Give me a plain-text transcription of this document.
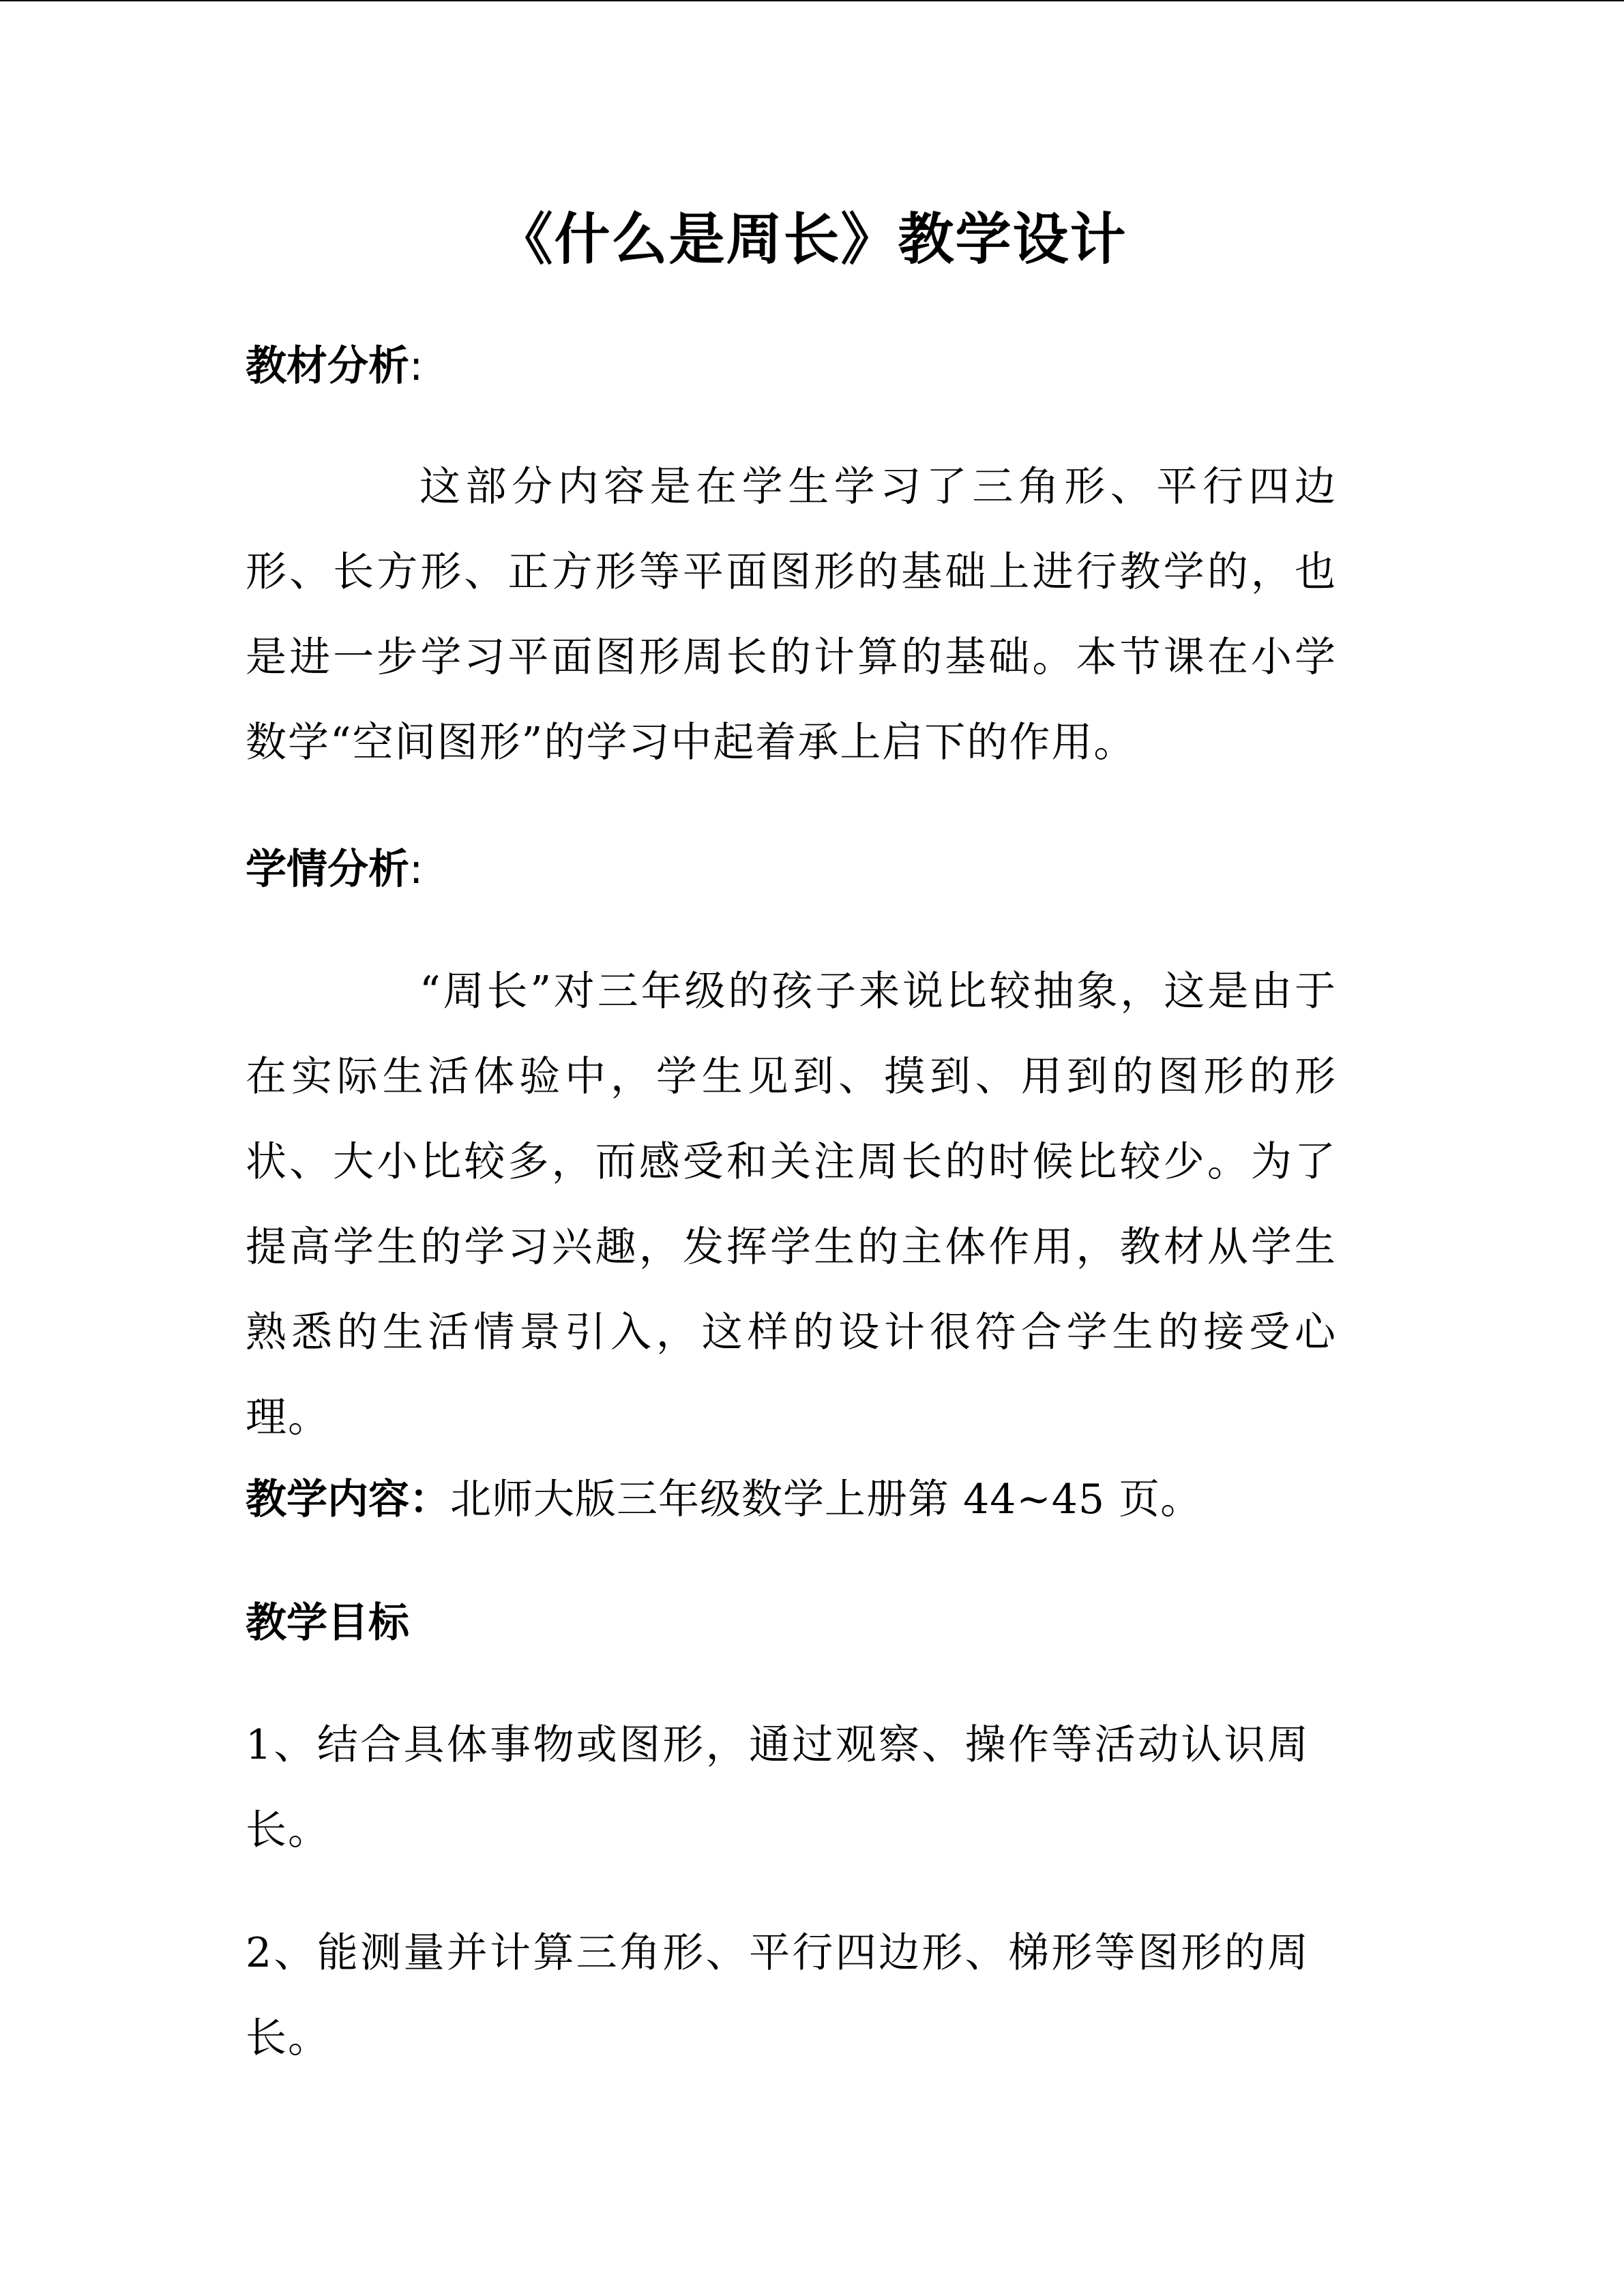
《什么是周长》教学设计
教材分析:
这部分内容是在学生学习了三角形、平行四边形、长方形、正方形等平面图形的基础上进行教学的，也是进一步学习平面图形周长的计算的基础。本节课在小学数学“空间图形”的学习中起着承上启下的作用。
学情分析:
“周长”对三年级的孩子来说比较抽象，这是由于在实际生活体验中，学生见到、摸到、用到的图形的形状、大小比较多，而感受和关注周长的时候比较少。为了提高学生的学习兴趣，发挥学生的主体作用，教材从学生熟悉的生活情景引入，这样的设计很符合学生的接受心理。
教学内容：北师大版三年级数学上册第 44~45 页。
教学目标
1、结合具体事物或图形，通过观察、操作等活动认识周长。
2、能测量并计算三角形、平行四边形、梯形等图形的周长。
